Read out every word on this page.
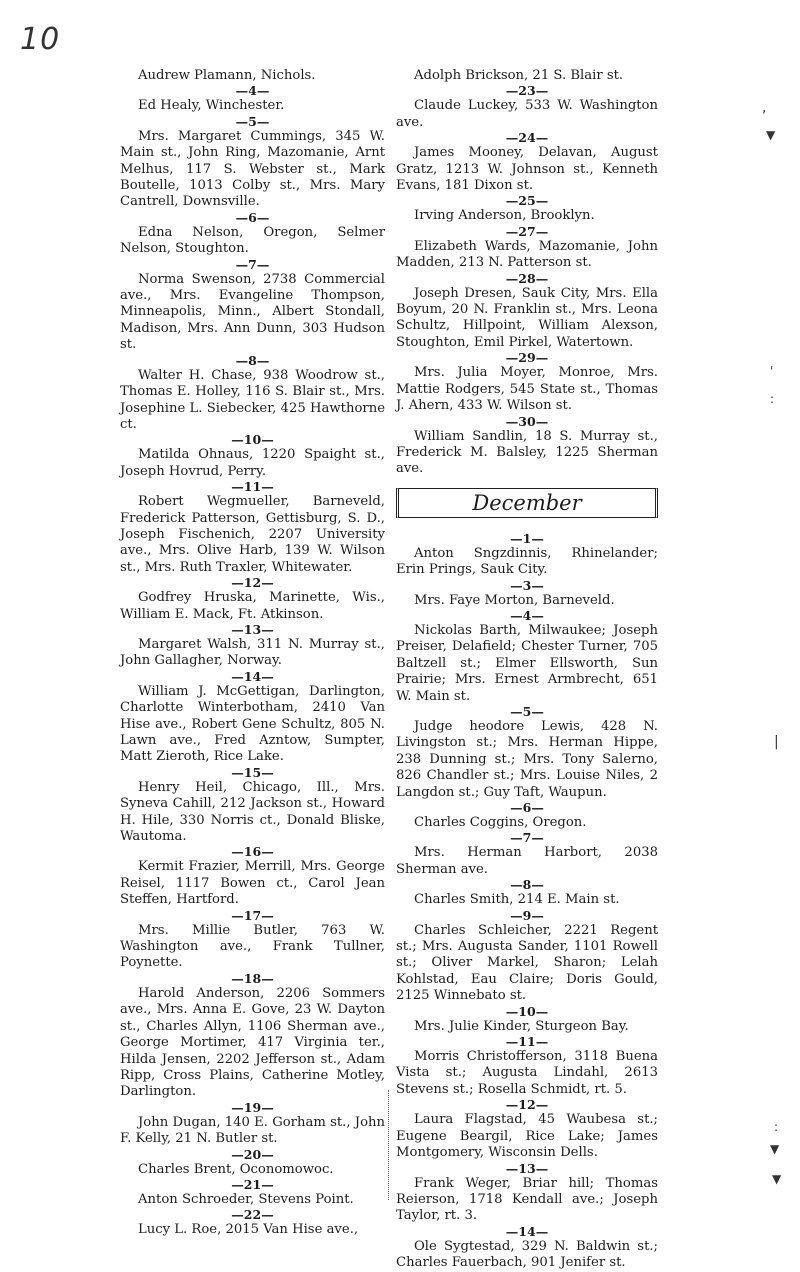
10

Audrew Plamann, Nichols.

—4—

Ed Healy, Winchester.

—5—

Mrs. Margaret Cummings, 345 W. Main st., John Ring, Mazomanie, Arnt Melhus, 117 S. Webster st., Mark Boutelle, 1013 Colby st., Mrs. Mary Cantrell, Downsville.

—6—

Edna Nelson, Oregon, Selmer Nelson, Stoughton.

—7—

Norma Swenson, 2738 Commercial ave., Mrs. Evangeline Thompson, Minneapolis, Minn., Albert Stondall, Madison, Mrs. Ann Dunn, 303 Hudson st.

—8—

Walter H. Chase, 938 Woodrow st., Thomas E. Holley, 116 S. Blair st., Mrs. Josephine L. Siebecker, 425 Hawthorne ct.

—10—

Matilda Ohnaus, 1220 Spaight st., Joseph Hovrud, Perry.

—11—

Robert Wegmueller, Barneveld, Frederick Patterson, Gettisburg, S. D., Joseph Fischenich, 2207 University ave., Mrs. Olive Harb, 139 W. Wilson st., Mrs. Ruth Traxler, Whitewater.

—12—

Godfrey Hruska, Marinette, Wis., William E. Mack, Ft. Atkinson.

—13—

Margaret Walsh, 311 N. Murray st., John Gallagher, Norway.

—14—

William J. McGettigan, Darlington, Charlotte Winterbotham, 2410 Van Hise ave., Robert Gene Schultz, 805 N. Lawn ave., Fred Azntow, Sumpter, Matt Zieroth, Rice Lake.

—15—

Henry Heil, Chicago, Ill., Mrs. Syneva Cahill, 212 Jackson st., Howard H. Hile, 330 Norris ct., Donald Bliske, Wautoma.

—16—

Kermit Frazier, Merrill, Mrs. George Reisel, 1117 Bowen ct., Carol Jean Steffen, Hartford.

—17—

Mrs. Millie Butler, 763 W. Washington ave., Frank Tullner, Poynette.

—18—

Harold Anderson, 2206 Sommers ave., Mrs. Anna E. Gove, 23 W. Dayton st., Charles Allyn, 1106 Sherman ave., George Mortimer, 417 Virginia ter., Hilda Jensen, 2202 Jefferson st., Adam Ripp, Cross Plains, Catherine Motley, Darlington.

—19—

John Dugan, 140 E. Gorham st., John F. Kelly, 21 N. Butler st.

—20—

Charles Brent, Oconomowoc.

—21—

Anton Schroeder, Stevens Point.

—22—

Lucy L. Roe, 2015 Van Hise ave.,

Adolph Brickson, 21 S. Blair st.

—23—

Claude Luckey, 533 W. Washington ave.

—24—

James Mooney, Delavan, August Gratz, 1213 W. Johnson st., Kenneth Evans, 181 Dixon st.

—25—

Irving Anderson, Brooklyn.

—27—

Elizabeth Wards, Mazomanie, John Madden, 213 N. Patterson st.

—28—

Joseph Dresen, Sauk City, Mrs. Ella Boyum, 20 N. Franklin st., Mrs. Leona Schultz, Hillpoint, William Alexson, Stoughton, Emil Pirkel, Watertown.

—29—

Mrs. Julia Moyer, Monroe, Mrs. Mattie Rodgers, 545 State st., Thomas J. Ahern, 433 W. Wilson st.

—30—

William Sandlin, 18 S. Murray st., Frederick M. Balsley, 1225 Sherman ave.

December

—1—

Anton Sngzdinnis, Rhinelander; Erin Prings, Sauk City.

—3—

Mrs. Faye Morton, Barneveld.

—4—

Nickolas Barth, Milwaukee; Joseph Preiser, Delafield; Chester Turner, 705 Baltzell st.; Elmer Ellsworth, Sun Prairie; Mrs. Ernest Armbrecht, 651 W. Main st.

—5—

Judge heodore Lewis, 428 N. Livingston st.; Mrs. Herman Hippe, 238 Dunning st.; Mrs. Tony Salerno, 826 Chandler st.; Mrs. Louise Niles, 2 Langdon st.; Guy Taft, Waupun.

—6—

Charles Coggins, Oregon.

—7—

Mrs. Herman Harbort, 2038 Sherman ave.

—8—

Charles Smith, 214 E. Main st.

—9—

Charles Schleicher, 2221 Regent st.; Mrs. Augusta Sander, 1101 Rowell st.; Oliver Markel, Sharon; Lelah Kohlstad, Eau Claire; Doris Gould, 2125 Winnebato st.

—10—

Mrs. Julie Kinder, Sturgeon Bay.

—11—

Morris Christofferson, 3118 Buena Vista st.; Augusta Lindahl, 2613 Stevens st.; Rosella Schmidt, rt. 5.

—12—

Laura Flagstad, 45 Waubesa st.; Eugene Beargil, Rice Lake; James Montgomery, Wisconsin Dells.

—13—

Frank Weger, Briar hill; Thomas Reierson, 1718 Kendall ave.; Joseph Taylor, rt. 3.

—14—

Ole Sygtestad, 329 N. Baldwin st.; Charles Fauerbach, 901 Jenifer st.

,
▼
'
:
|
:
▼
▼
